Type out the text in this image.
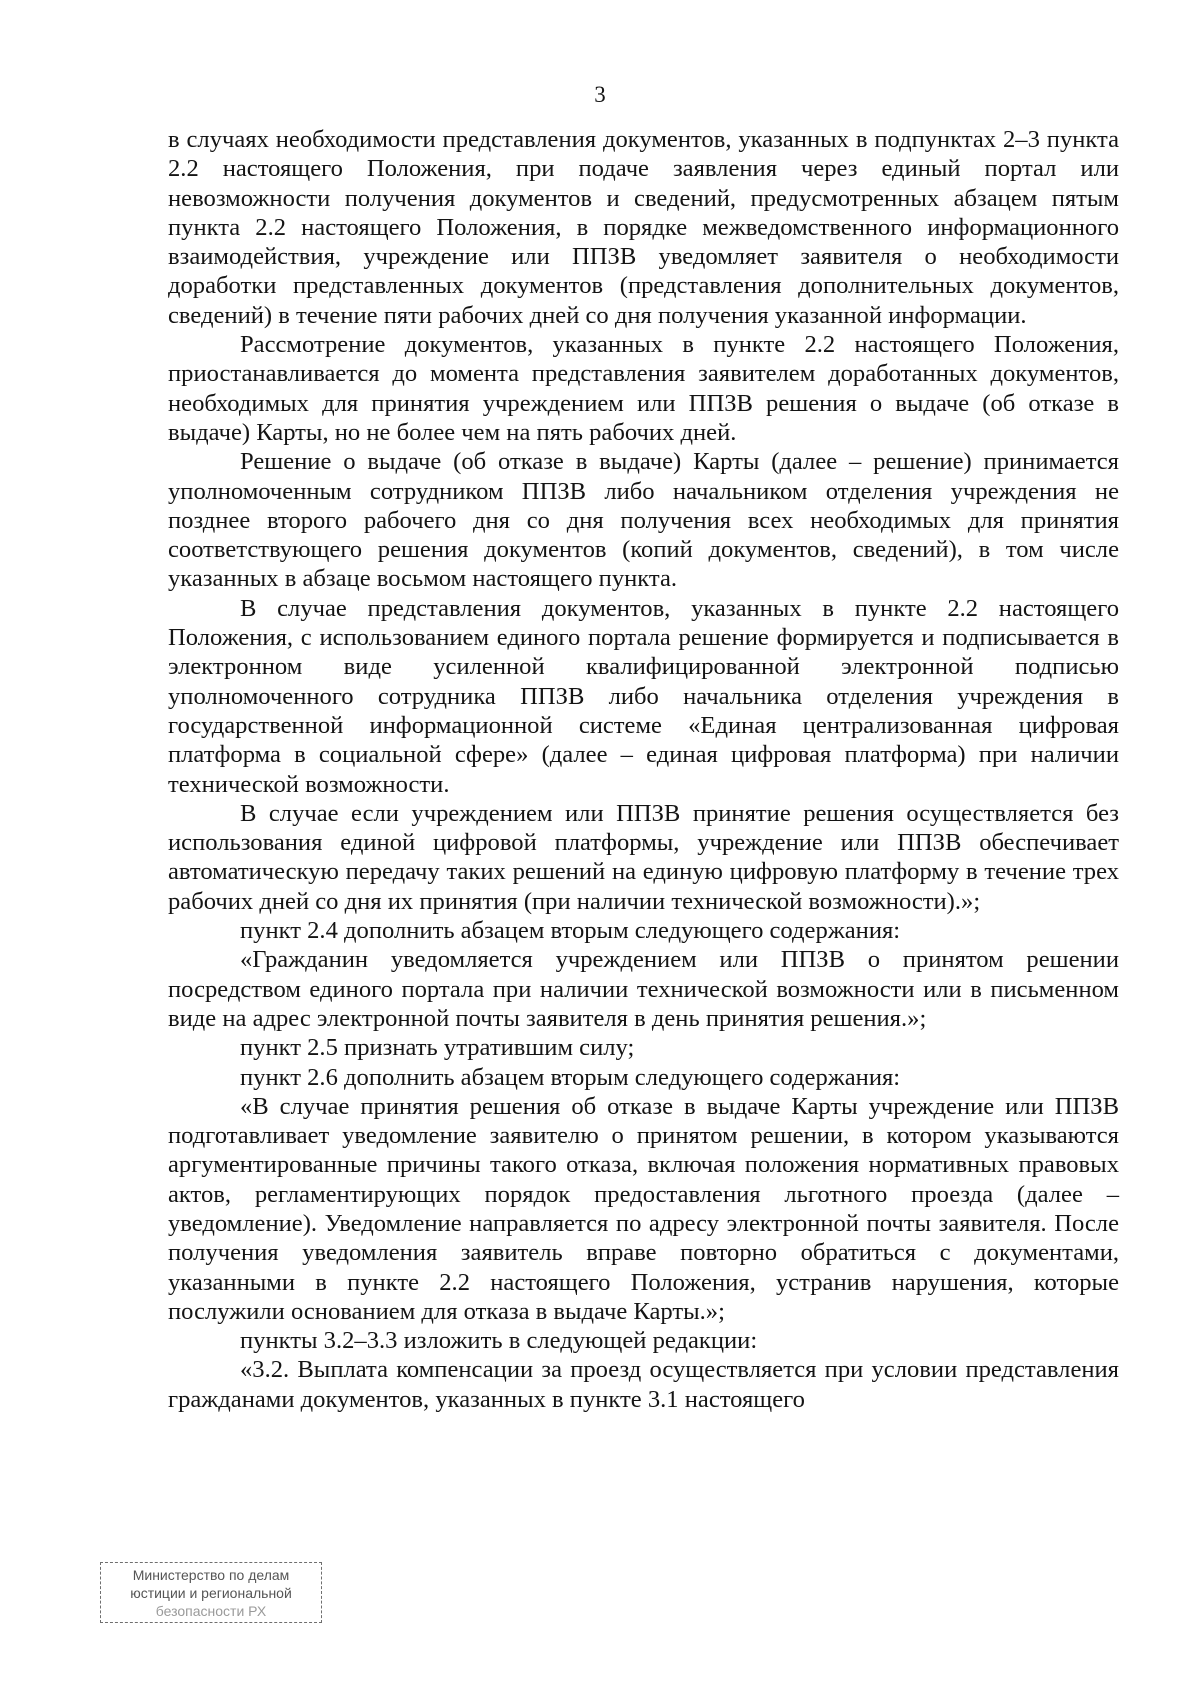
3

в случаях необходимости представления документов, указанных в подпунктах 2–3 пункта 2.2 настоящего Положения, при подаче заявления через единый портал или невозможности получения документов и сведений, предусмотренных абзацем пятым пункта 2.2 настоящего Положения, в порядке межведомственного информационного взаимодействия, учреждение или ППЗВ уведомляет заявителя о необходимости доработки представленных документов (представления дополнительных документов, сведений) в течение пяти рабочих дней со дня получения указанной информации.

Рассмотрение документов, указанных в пункте 2.2 настоящего Положения, приостанавливается до момента представления заявителем доработанных документов, необходимых для принятия учреждением или ППЗВ решения о выдаче (об отказе в выдаче) Карты, но не более чем на пять рабочих дней.

Решение о выдаче (об отказе в выдаче) Карты (далее – решение) принимается уполномоченным сотрудником ППЗВ либо начальником отделения учреждения не позднее второго рабочего дня со дня получения всех необходимых для принятия соответствующего решения документов (копий документов, сведений), в том числе указанных в абзаце восьмом настоящего пункта.

В случае представления документов, указанных в пункте 2.2 настоящего Положения, с использованием единого портала решение формируется и подписывается в электронном виде усиленной квалифицированной электронной подписью уполномоченного сотрудника ППЗВ либо начальника отделения учреждения в государственной информационной системе «Единая централизованная цифровая платформа в социальной сфере» (далее – единая цифровая платформа) при наличии технической возможности.

В случае если учреждением или ППЗВ принятие решения осуществляется без использования единой цифровой платформы, учреждение или ППЗВ обеспечивает автоматическую передачу таких решений на единую цифровую платформу в течение трех рабочих дней со дня их принятия (при наличии технической возможности).»;

пункт 2.4 дополнить абзацем вторым следующего содержания:

«Гражданин уведомляется учреждением или ППЗВ о принятом решении посредством единого портала при наличии технической возможности или в письменном виде на адрес электронной почты заявителя в день принятия решения.»;

пункт 2.5 признать утратившим силу;

пункт 2.6 дополнить абзацем вторым следующего содержания:

«В случае принятия решения об отказе в выдаче Карты учреждение или ППЗВ подготавливает уведомление заявителю о принятом решении, в котором указываются аргументированные причины такого отказа, включая положения нормативных правовых актов, регламентирующих порядок предоставления льготного проезда (далее – уведомление). Уведомление направляется по адресу электронной почты заявителя. После получения уведомления заявитель вправе повторно обратиться с документами, указанными в пункте 2.2 настоящего Положения, устранив нарушения, которые послужили основанием для отказа в выдаче Карты.»;

пункты 3.2–3.3 изложить в следующей редакции:

«3.2. Выплата компенсации за проезд осуществляется при условии представления гражданами документов, указанных в пункте 3.1 настоящего

Министерство по делам
юстиции и региональной
безопасности РХ
